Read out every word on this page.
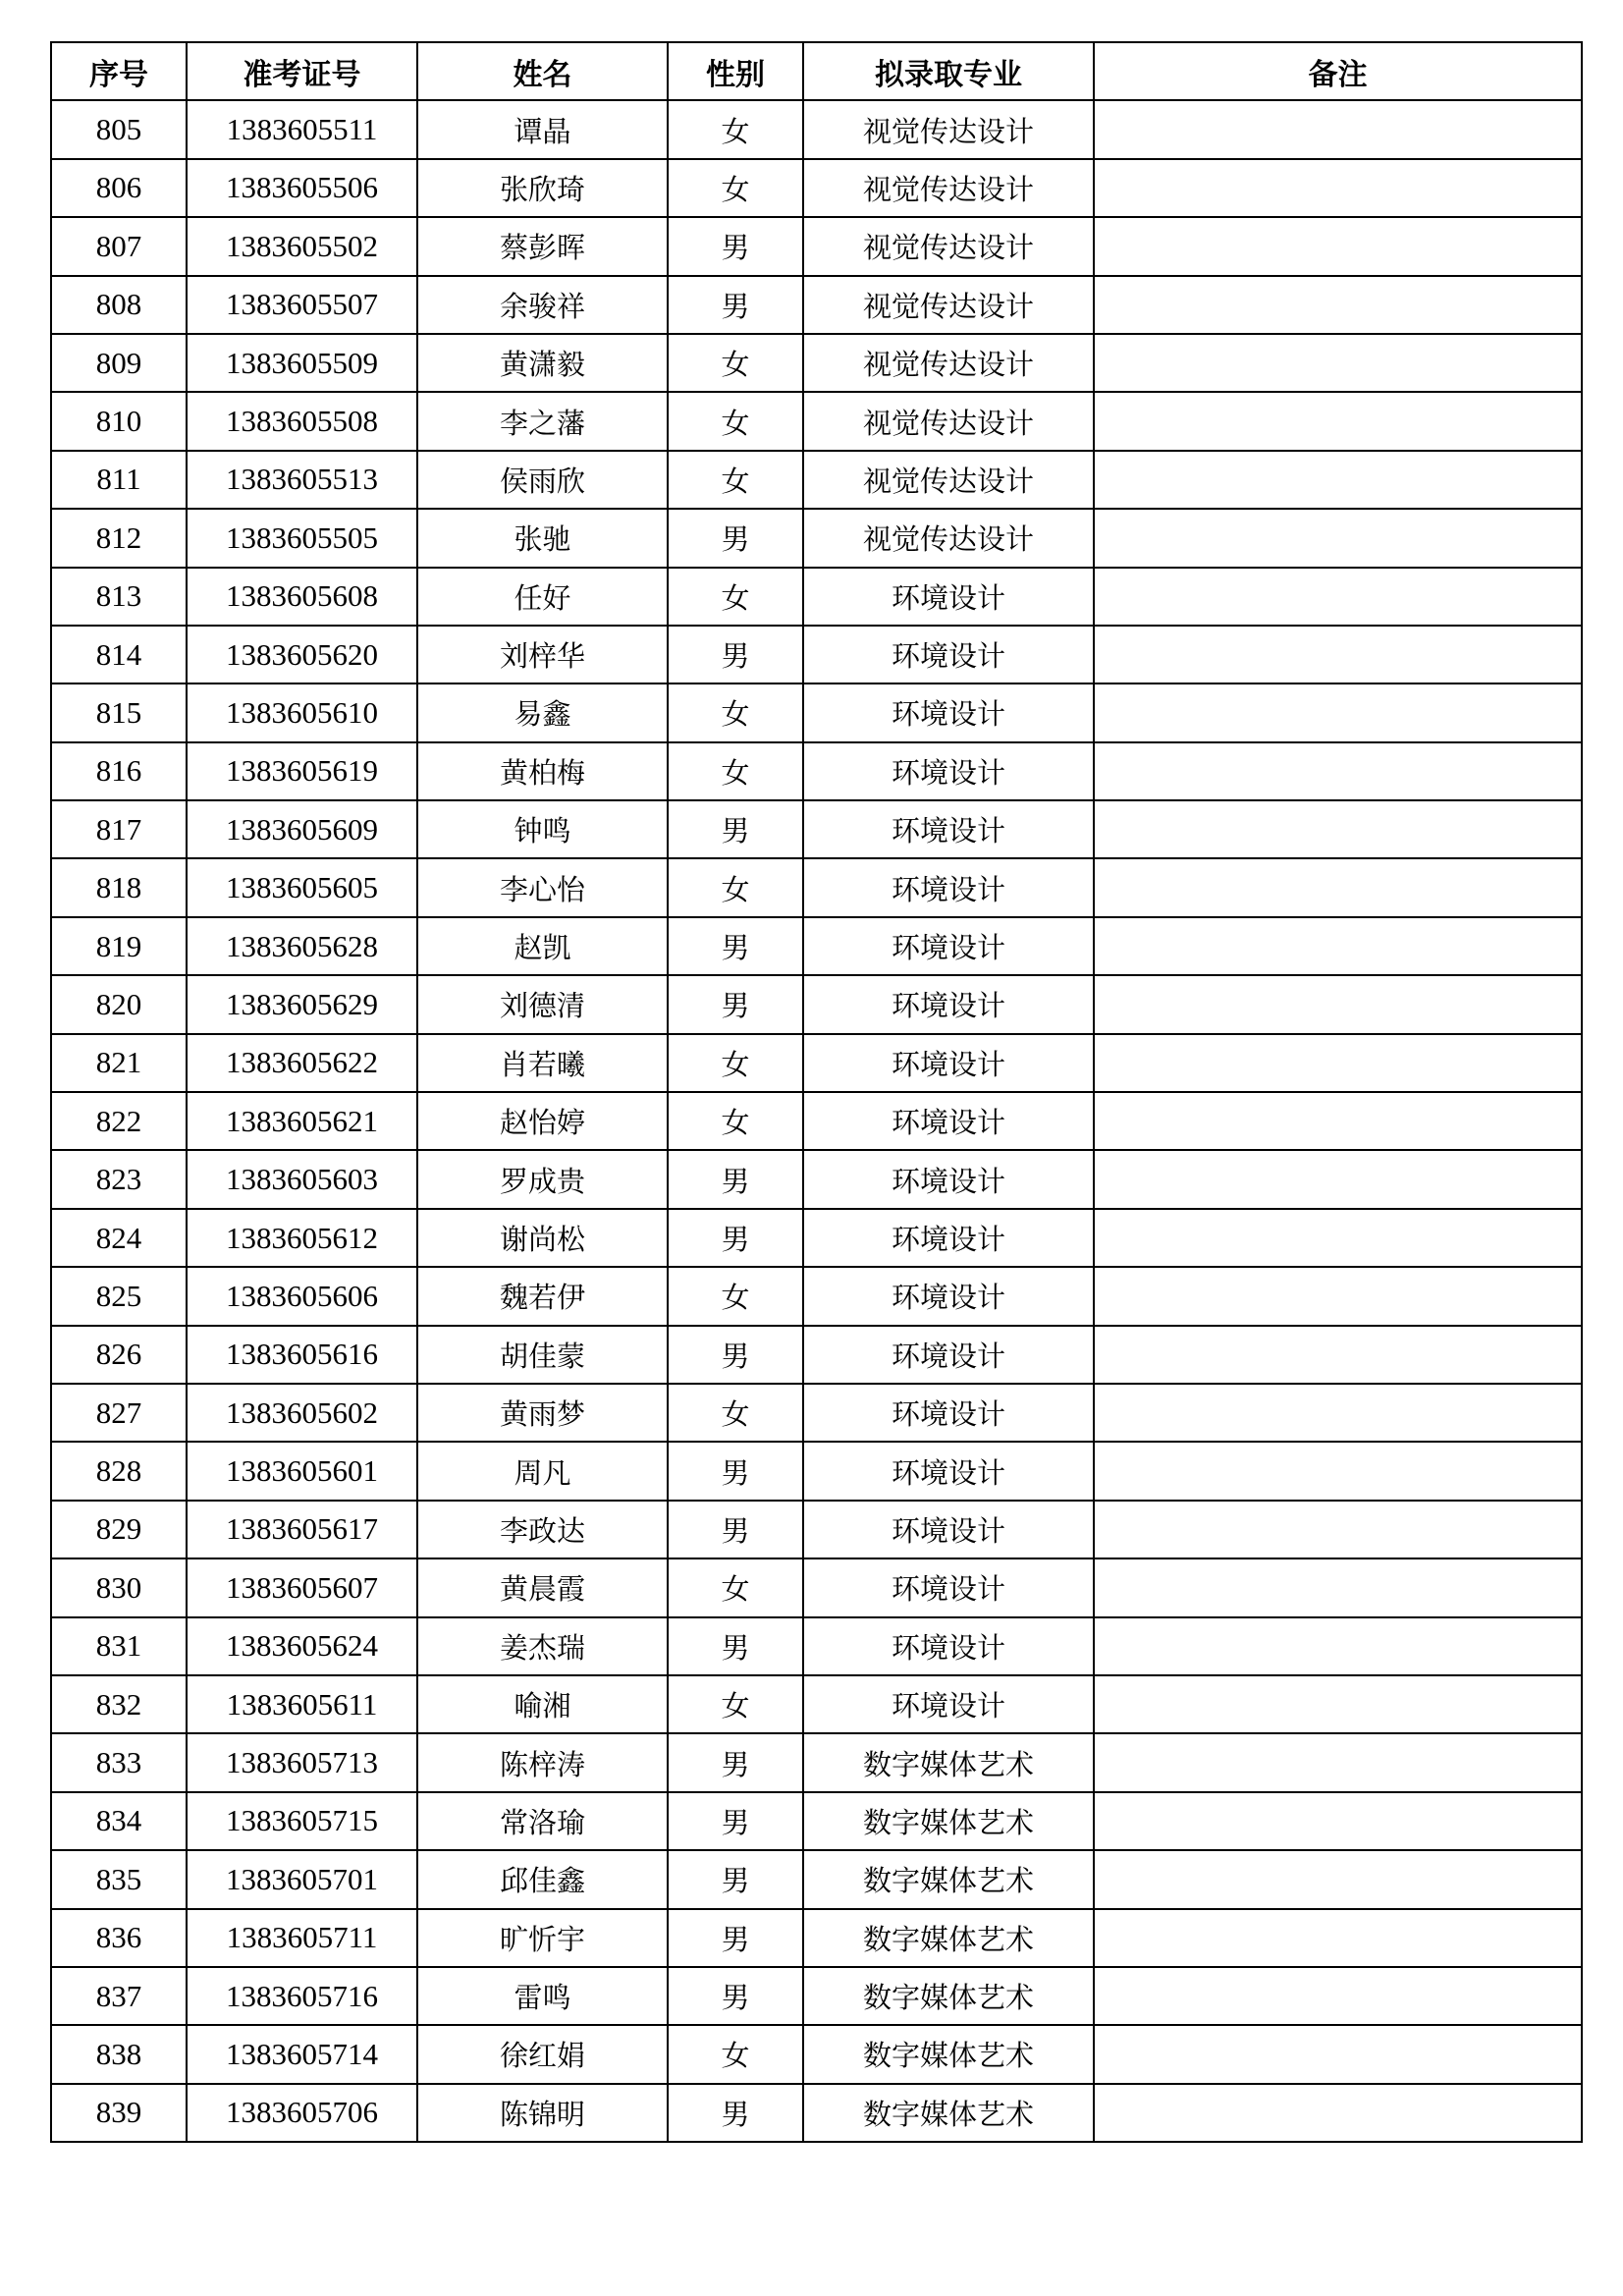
序号	准考证号	姓名	性别	拟录取专业	备注
805	1383605511	谭晶	女	视觉传达设计	
806	1383605506	张欣琦	女	视觉传达设计	
807	1383605502	蔡彭晖	男	视觉传达设计	
808	1383605507	余骏祥	男	视觉传达设计	
809	1383605509	黄潇毅	女	视觉传达设计	
810	1383605508	李之藩	女	视觉传达设计	
811	1383605513	侯雨欣	女	视觉传达设计	
812	1383605505	张驰	男	视觉传达设计	
813	1383605608	任好	女	环境设计	
814	1383605620	刘梓华	男	环境设计	
815	1383605610	易鑫	女	环境设计	
816	1383605619	黄柏梅	女	环境设计	
817	1383605609	钟鸣	男	环境设计	
818	1383605605	李心怡	女	环境设计	
819	1383605628	赵凯	男	环境设计	
820	1383605629	刘德清	男	环境设计	
821	1383605622	肖若曦	女	环境设计	
822	1383605621	赵怡婷	女	环境设计	
823	1383605603	罗成贵	男	环境设计	
824	1383605612	谢尚松	男	环境设计	
825	1383605606	魏若伊	女	环境设计	
826	1383605616	胡佳蒙	男	环境设计	
827	1383605602	黄雨梦	女	环境设计	
828	1383605601	周凡	男	环境设计	
829	1383605617	李政达	男	环境设计	
830	1383605607	黄晨霞	女	环境设计	
831	1383605624	姜杰瑞	男	环境设计	
832	1383605611	喻湘	女	环境设计	
833	1383605713	陈梓涛	男	数字媒体艺术	
834	1383605715	常洛瑜	男	数字媒体艺术	
835	1383605701	邱佳鑫	男	数字媒体艺术	
836	1383605711	旷忻宇	男	数字媒体艺术	
837	1383605716	雷鸣	男	数字媒体艺术	
838	1383605714	徐红娟	女	数字媒体艺术	
839	1383605706	陈锦明	男	数字媒体艺术	
